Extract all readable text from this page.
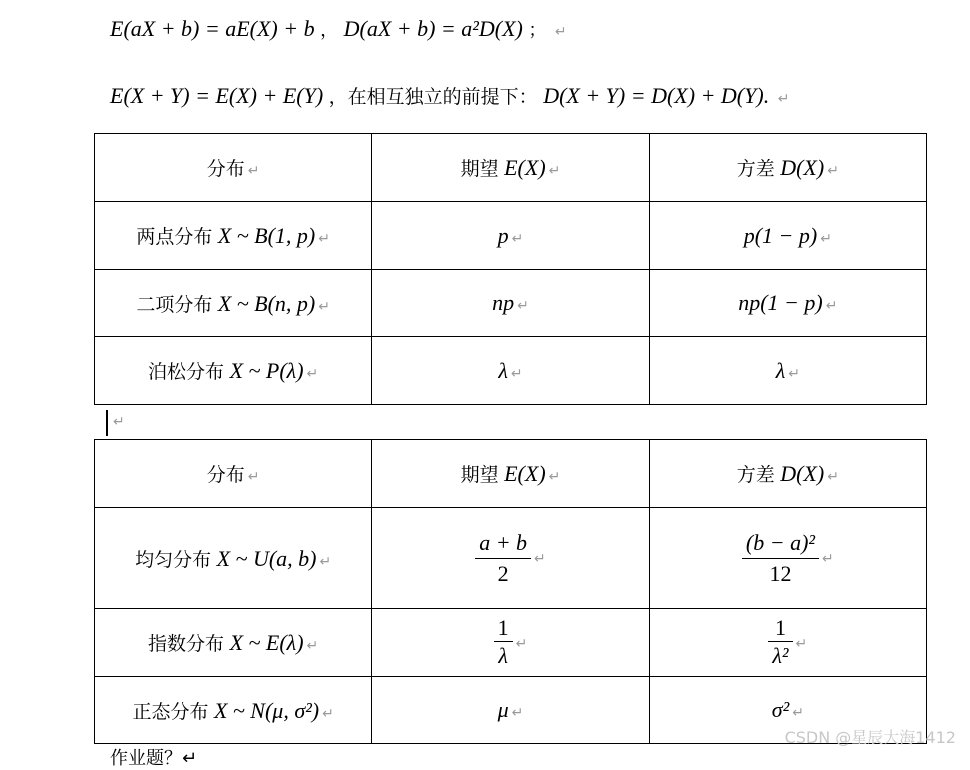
E(aX + b) = aE(X) + b ， D(aX + b) = a²D(X) ； ↵
E(X + Y) = E(X) + E(Y) ，在相互独立的前提下： D(X + Y) = D(X) + D(Y). ↵
分布 ↵	期望 E(X) ↵	方差 D(X) ↵
两点分布 X ~ B(1, p) ↵	p ↵	p(1 − p) ↵
二项分布 X ~ B(n, p) ↵	np ↵	np(1 − p) ↵
泊松分布 X ~ P(λ) ↵	λ ↵	λ ↵
↵
分布 ↵	期望 E(X) ↵	方差 D(X) ↵
均匀分布 X ~ U(a, b) ↵	$\frac{a + b}{2}$ ↵	$\frac{\text{(b − a)²}}{12}$ ↵
指数分布 X ~ E(λ) ↵	$\frac{1}{\lambda}$ ↵	$\frac{1}{\text{λ²}}$ ↵
正态分布 X ~ N(μ, σ²) ↵	μ ↵	σ² ↵
作业题？↵
CSDN @星辰大海1412
